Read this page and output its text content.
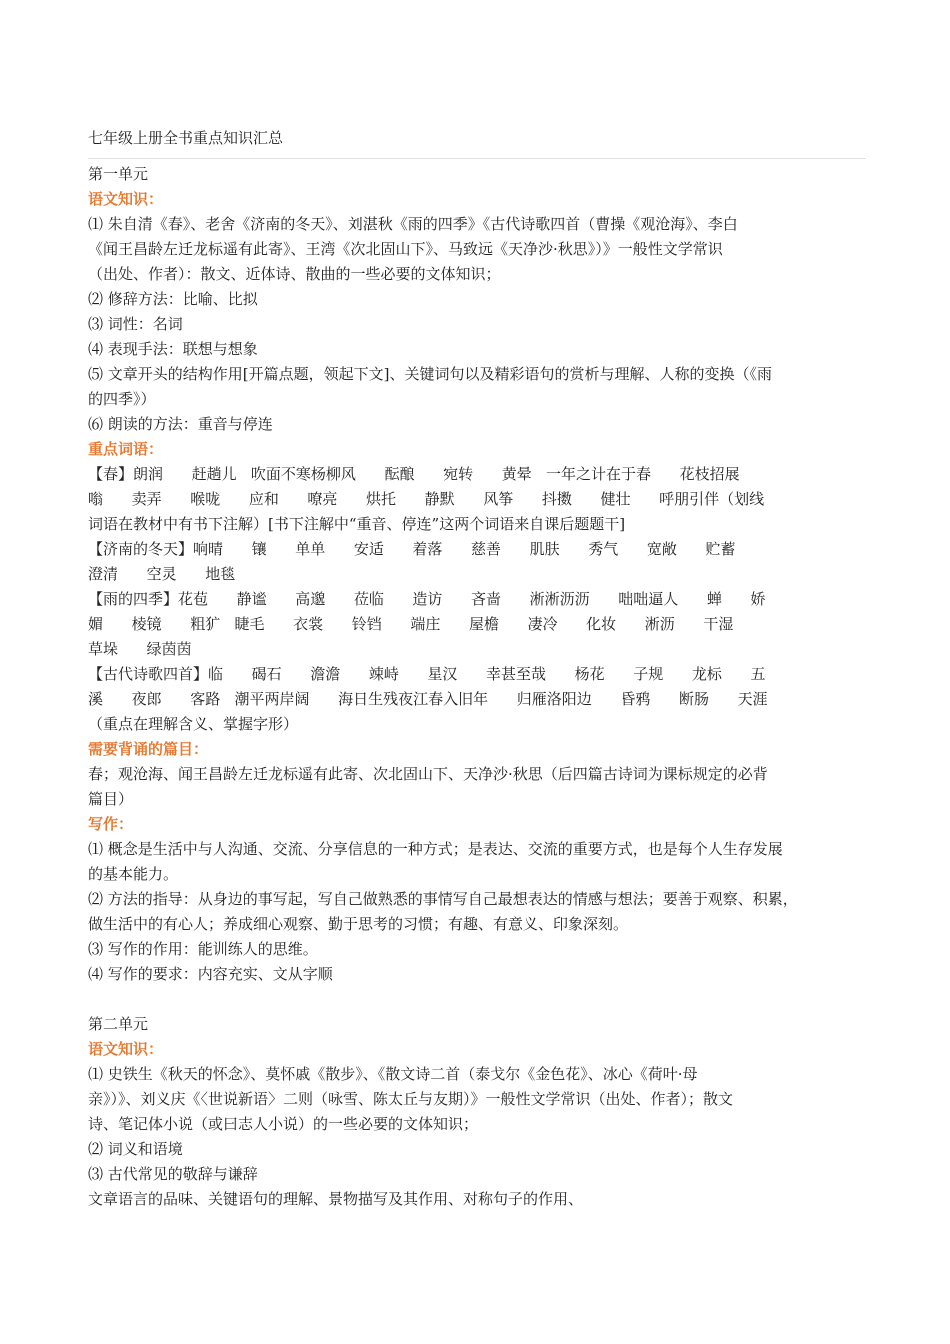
七年级上册全书重点知识汇总

第一单元

语文知识：

⑴ 朱自清《春》、老舍《济南的冬天》、刘湛秋《雨的四季》《古代诗歌四首（曹操《观沧海》、李白

《闻王昌龄左迁龙标遥有此寄》、王湾《次北固山下》、马致远《天净沙·秋思》）》一般性文学常识

（出处、作者）：散文、近体诗、散曲的一些必要的文体知识；

⑵ 修辞方法：比喻、比拟

⑶ 词性：名词

⑷ 表现手法：联想与想象

⑸ 文章开头的结构作用[开篇点题，领起下文]、关键词句以及精彩语句的赏析与理解、人称的变换（《雨

的四季》）

⑹ 朗读的方法：重音与停连

重点词语：

【春】朗润      赶趟儿   吹面不寒杨柳风      酝酿      宛转      黄晕   一年之计在于春      花枝招展

嗡      卖弄      喉咙      应和      嘹亮      烘托      静默      风筝      抖擞      健壮      呼朋引伴（划线

词语在教材中有书下注解）[书下注解中“重音、停连”这两个词语来自课后题题干]

【济南的冬天】响晴      镶      单单      安适      着落      慈善      肌肤      秀气      宽敞      贮蓄

澄清      空灵      地毯

【雨的四季】花苞      静谧      高邈      莅临      造访      吝啬      淅淅沥沥      咄咄逼人      蝉      娇

媚      棱镜      粗犷   睫毛      衣裳      铃铛      端庄      屋檐      凄冷      化妆      淅沥      干湿

草垛      绿茵茵

【古代诗歌四首】临      碣石      澹澹      竦峙      星汉      幸甚至哉      杨花      子规      龙标      五

溪      夜郎      客路   潮平两岸阔      海日生残夜江春入旧年      归雁洛阳边      昏鸦      断肠      天涯

（重点在理解含义、掌握字形）

需要背诵的篇目：

春；观沧海、闻王昌龄左迁龙标遥有此寄、次北固山下、天净沙·秋思（后四篇古诗词为课标规定的必背

篇目）

写作：

⑴ 概念是生活中与人沟通、交流、分享信息的一种方式；是表达、交流的重要方式，也是每个人生存发展

的基本能力。

⑵ 方法的指导：从身边的事写起，写自己做熟悉的事情写自己最想表达的情感与想法；要善于观察、积累，

做生活中的有心人；养成细心观察、勤于思考的习惯；有趣、有意义、印象深刻。

⑶ 写作的作用：能训练人的思维。

⑷ 写作的要求：内容充实、文从字顺

第二单元

语文知识：

⑴ 史铁生《秋天的怀念》、莫怀戚《散步》、《散文诗二首（泰戈尔《金色花》、冰心《荷叶·母

亲》）》、刘义庆《〈世说新语〉二则（咏雪、陈太丘与友期）》一般性文学常识（出处、作者）；散文

诗、笔记体小说（或曰志人小说）的一些必要的文体知识；

⑵ 词义和语境

⑶ 古代常见的敬辞与谦辞

文章语言的品味、关键语句的理解、景物描写及其作用、对称句子的作用、
